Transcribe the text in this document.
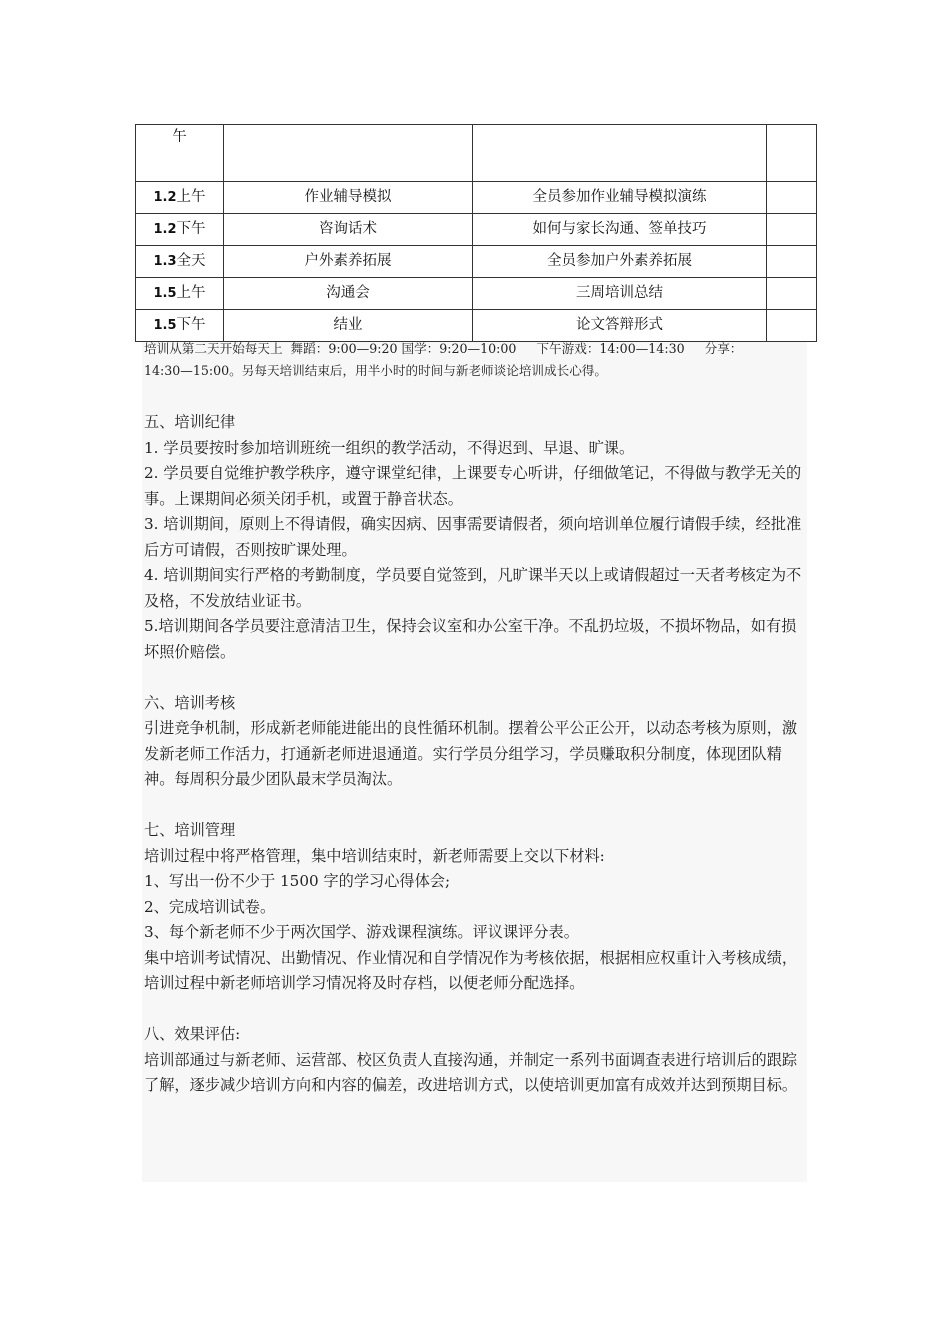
午			
1.2上午	作业辅导模拟	全员参加作业辅导模拟演练	
1.2下午	咨询话术	如何与家长沟通、签单技巧	
1.3全天	户外素养拓展	全员参加户外素养拓展	
1.5上午	沟通会	三周培训总结	
1.5下午	结业	论文答辩形式	
培训从第二天开始每天上  舞蹈：9:00—9:20 国学：9:20—10:00     下午游戏：14:00—14:30     分享：
14:30—15:00。另每天培训结束后，用半小时的时间与新老师谈论培训成长心得。

五、培训纪律

1. 学员要按时参加培训班统一组织的教学活动，不得迟到、早退、旷课。

2. 学员要自觉维护教学秩序，遵守课堂纪律，上课要专心听讲，仔细做笔记，不得做与教学无关的事。上课期间必须关闭手机，或置于静音状态。

3. 培训期间，原则上不得请假，确实因病、因事需要请假者，须向培训单位履行请假手续，经批准后方可请假，否则按旷课处理。

4. 培训期间实行严格的考勤制度，学员要自觉签到，凡旷课半天以上或请假超过一天者考核定为不及格，不发放结业证书。

5.培训期间各学员要注意清洁卫生，保持会议室和办公室干净。不乱扔垃圾，不损坏物品，如有损坏照价赔偿。

六、培训考核

引进竞争机制，形成新老师能进能出的良性循环机制。摆着公平公正公开，以动态考核为原则，激发新老师工作活力，打通新老师进退通道。实行学员分组学习，学员赚取积分制度，体现团队精神。每周积分最少团队最末学员淘汰。

七、培训管理

培训过程中将严格管理，集中培训结束时，新老师需要上交以下材料:

1、写出一份不少于 1500 字的学习心得体会;

2、完成培训试卷。

3、每个新老师不少于两次国学、游戏课程演练。评议课评分表。

集中培训考试情况、出勤情况、作业情况和自学情况作为考核依据，根据相应权重计入考核成绩，培训过程中新老师培训学习情况将及时存档，以便老师分配选择。

八、效果评估:

培训部通过与新老师、运营部、校区负责人直接沟通，并制定一系列书面调查表进行培训后的跟踪了解，逐步减少培训方向和内容的偏差，改进培训方式，以使培训更加富有成效并达到预期目标。
